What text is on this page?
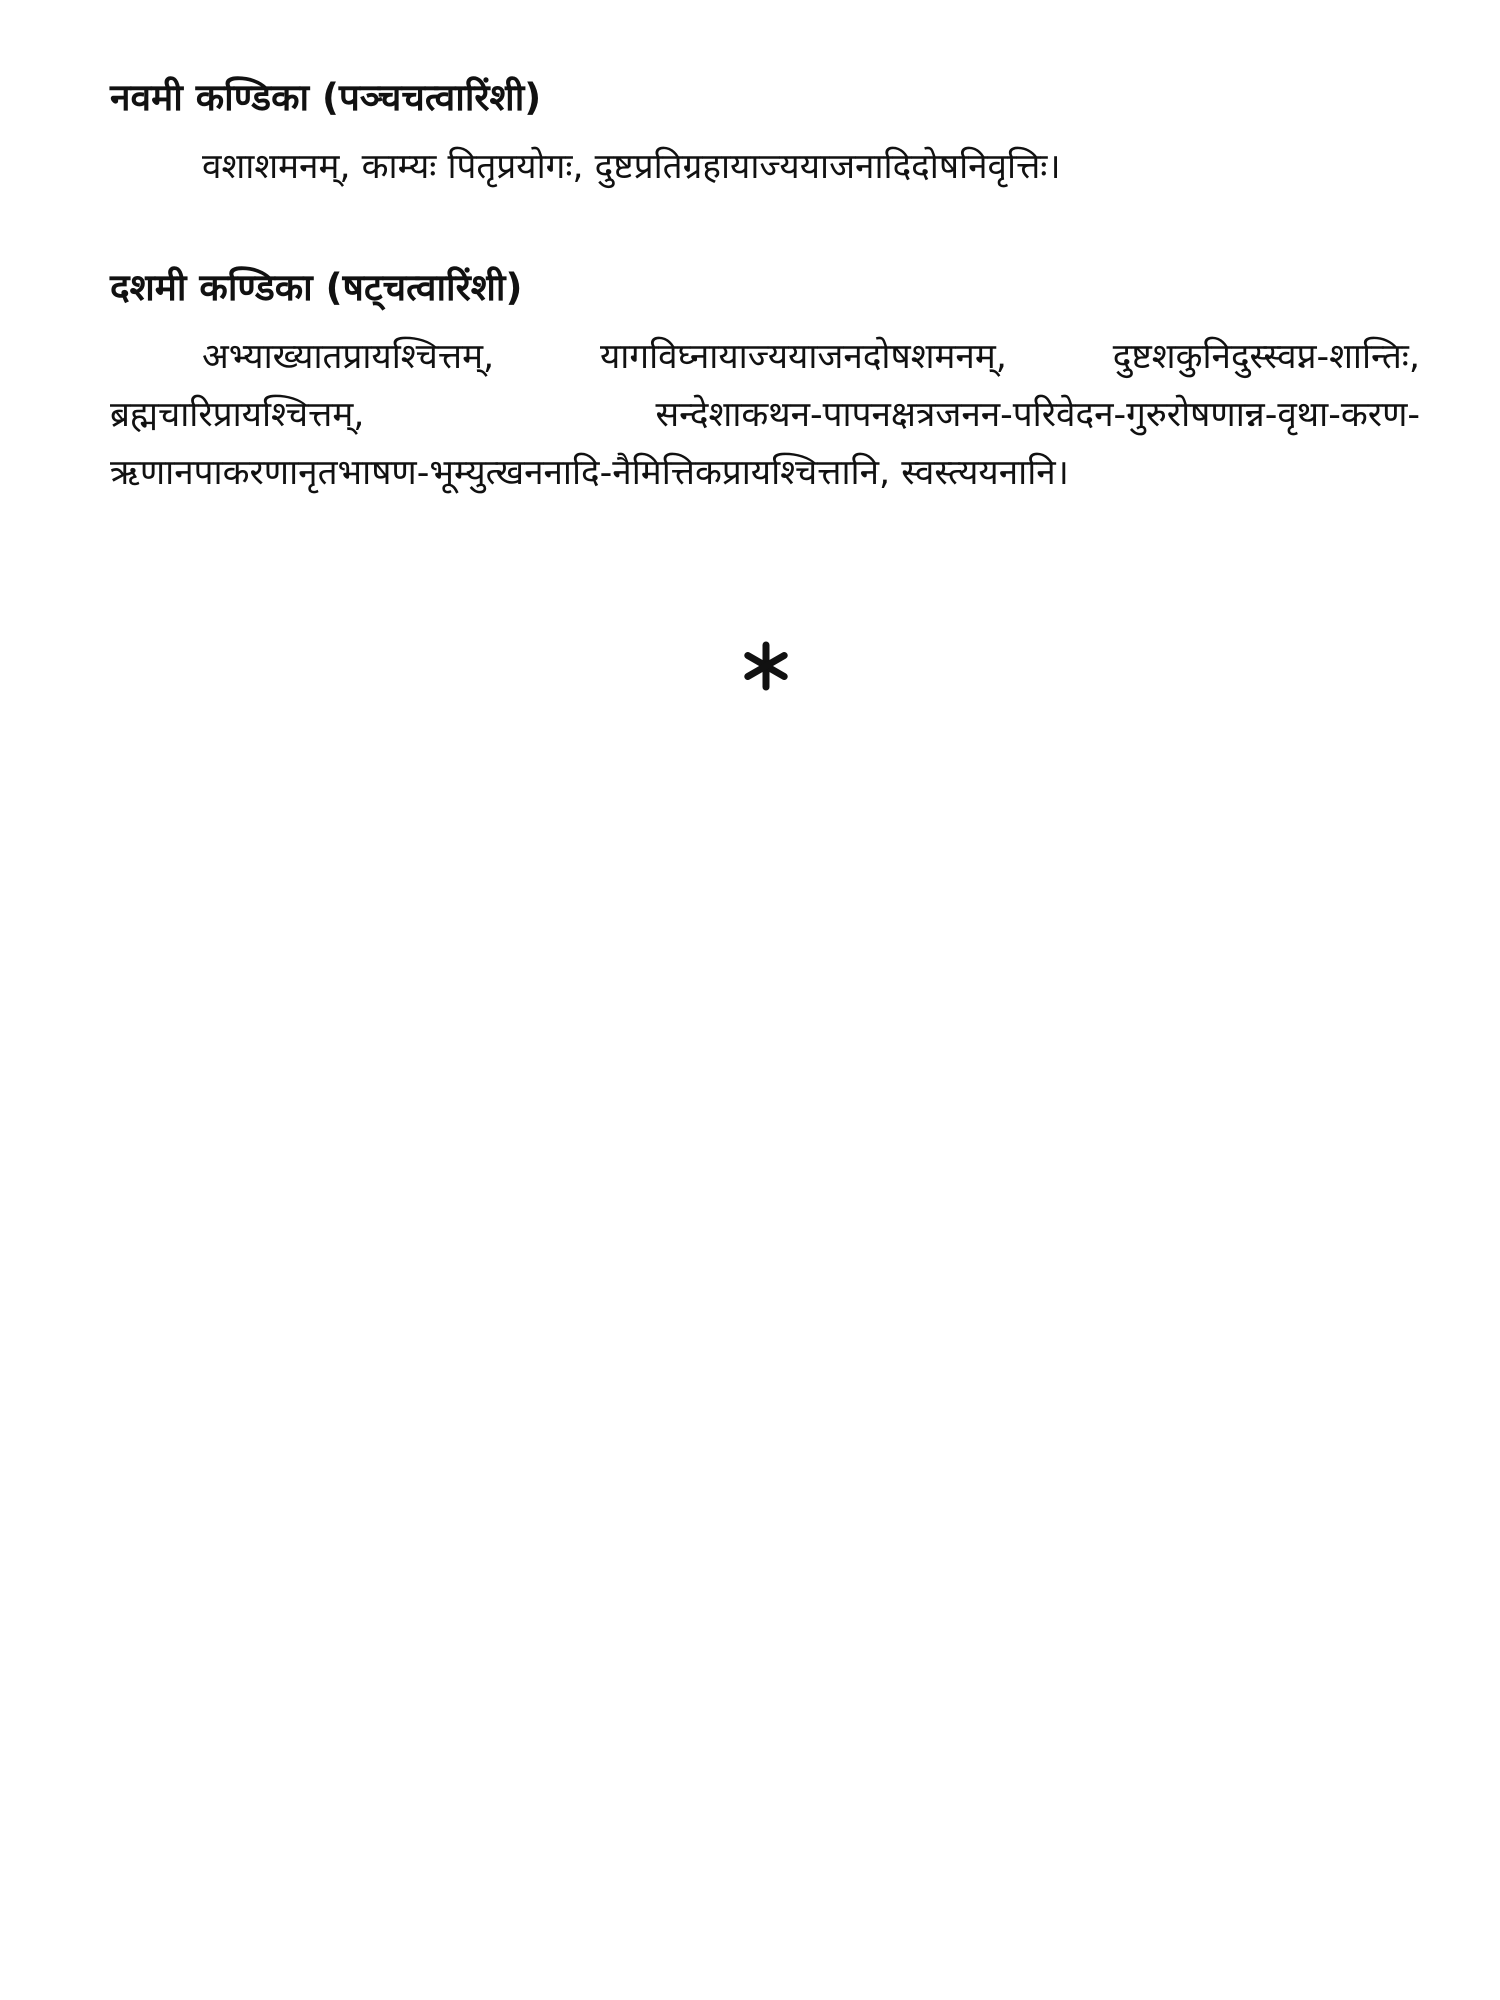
नवमी कण्डिका (पञ्चचत्वारिंशी)

वशाशमनम्, काम्यः पितृप्रयोगः, दुष्टप्रतिग्रहायाज्ययाजनादिदोषनिवृत्तिः।

दशमी कण्डिका (षट्चत्वारिंशी)

अभ्याख्यातप्रायश्चित्तम्, यागविघ्नायाज्ययाजनदोषशमनम्, दुष्टशकुनिदुस्स्वप्न-शान्तिः, ब्रह्मचारिप्रायश्चित्तम्, सन्देशाकथन-पापनक्षत्रजनन-परिवेदन-गुरुरोषणान्न-वृथा-करण-ऋणानपाकरणानृतभाषण-भूम्युत्खननादि-नैमित्तिकप्रायश्चित्तानि, स्वस्त्ययनानि।
